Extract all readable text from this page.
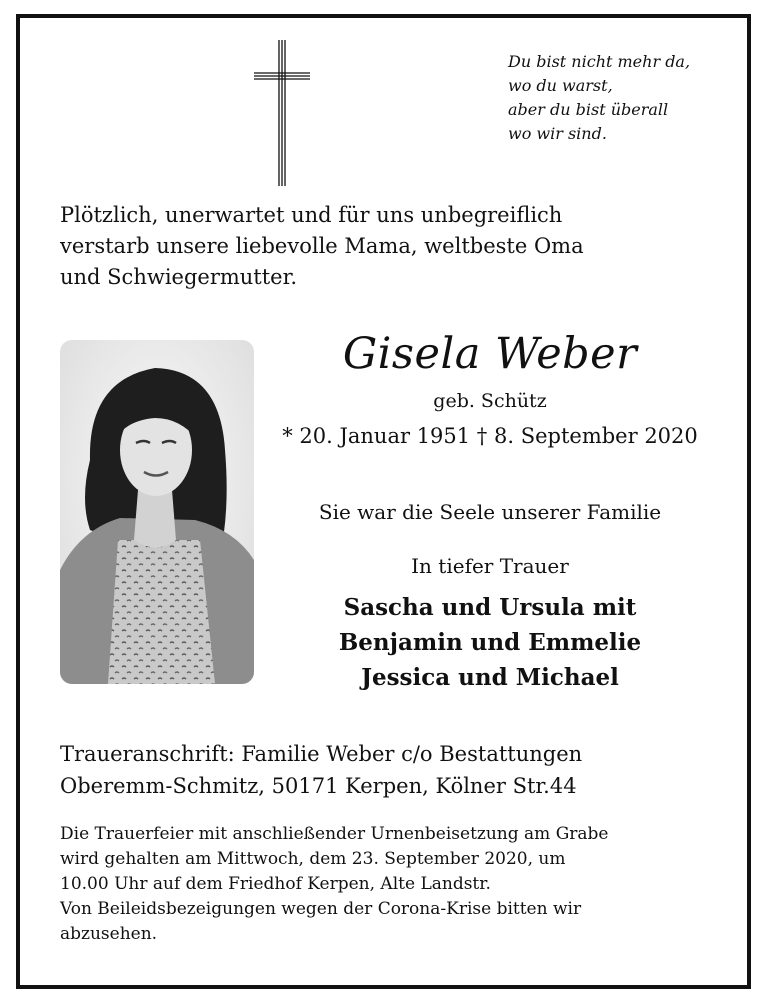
Du bist nicht mehr da,
wo du warst,
aber du bist überall
wo wir sind.
Plötzlich, unerwartet und für uns unbegreiflich
verstarb unsere liebevolle Mama, weltbeste Oma
und Schwiegermutter.
Gisela Weber
geb. Schütz
* 20. Januar 1951 † 8. September 2020
Sie war die Seele unserer Familie
In tiefer Trauer
Sascha und Ursula mit
Benjamin und Emmelie
Jessica und Michael
Traueranschrift: Familie Weber c/o Bestattungen
Oberemm-Schmitz, 50171 Kerpen, Kölner Str.44
Die Trauerfeier mit anschließender Urnenbeisetzung am Grabe
wird gehalten am Mittwoch, dem 23. September 2020, um
10.00 Uhr auf dem Friedhof Kerpen, Alte Landstr.
Von Beileidsbezeigungen wegen der Corona-Krise bitten wir
abzusehen.
